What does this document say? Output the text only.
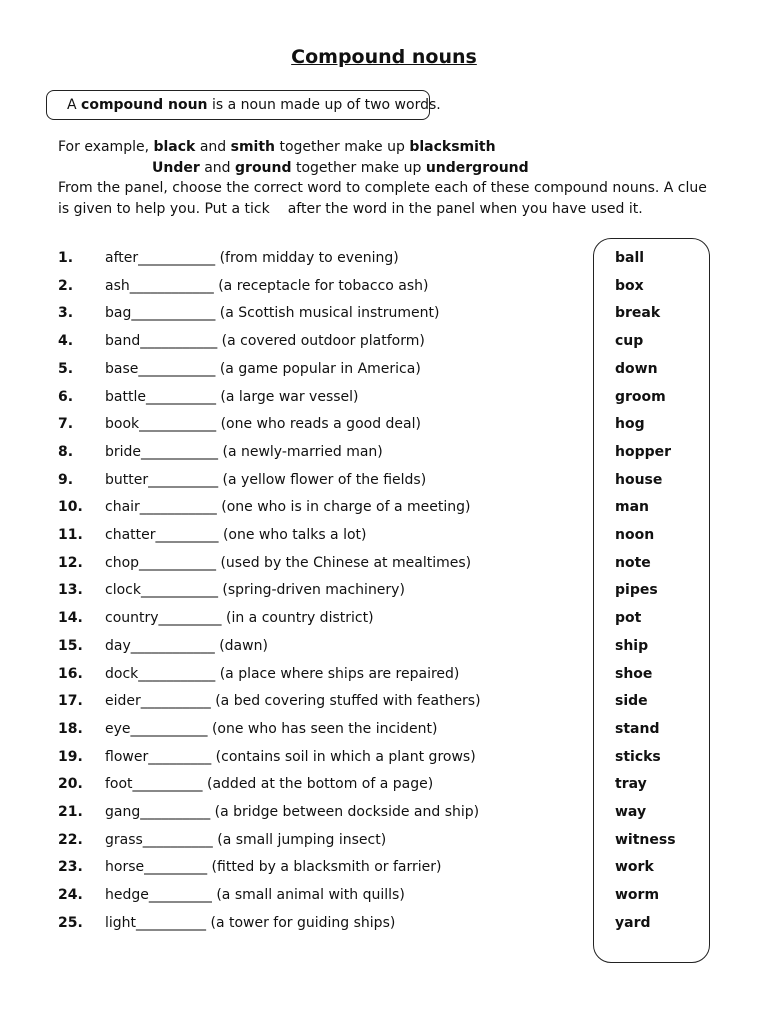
Compound nouns
A compound noun is a noun made up of two words.
For example, black and smith together make up blacksmith
Under and ground together make up underground
From the panel, choose the correct word to complete each of these compound nouns. A clue
is given to help you. Put a tick after the word in the panel when you have used it.
1. after___________ (from midday to evening)
2. ash____________ (a receptacle for tobacco ash)
3. bag____________ (a Scottish musical instrument)
4. band___________ (a covered outdoor platform)
5. base___________ (a game popular in America)
6. battle__________ (a large war vessel)
7. book___________ (one who reads a good deal)
8. bride___________ (a newly-married man)
9. butter__________ (a yellow flower of the fields)
10. chair___________ (one who is in charge of a meeting)
11. chatter_________ (one who talks a lot)
12. chop___________ (used by the Chinese at mealtimes)
13. clock___________ (spring-driven machinery)
14. country_________ (in a country district)
15. day____________ (dawn)
16. dock___________ (a place where ships are repaired)
17. eider__________ (a bed covering stuffed with feathers)
18. eye___________ (one who has seen the incident)
19. flower_________ (contains soil in which a plant grows)
20. foot__________ (added at the bottom of a page)
21. gang__________ (a bridge between dockside and ship)
22. grass__________ (a small jumping insect)
23. horse_________ (fitted by a blacksmith or farrier)
24. hedge_________ (a small animal with quills)
25. light__________ (a tower for guiding ships)
ball
box
break
cup
down
groom
hog
hopper
house
man
noon
note
pipes
pot
ship
shoe
side
stand
sticks
tray
way
witness
work
worm
yard
